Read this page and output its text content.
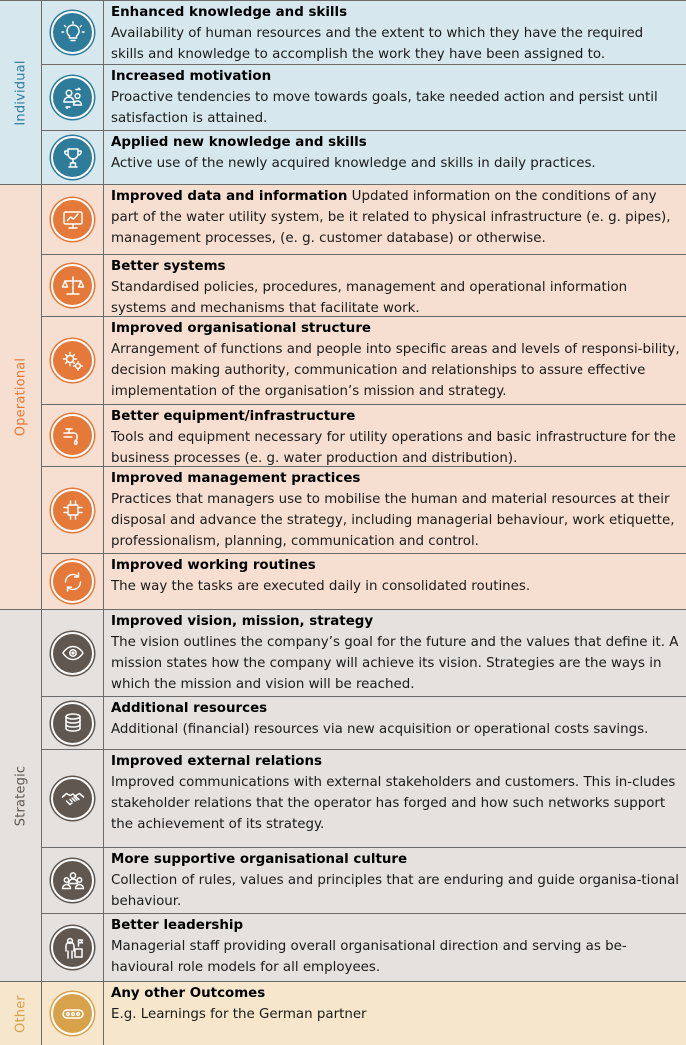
Individual
Enhanced knowledge and skills
Availability of human resources and the extent to which they have the required skills and knowledge to accomplish the work they have been assigned to.
Increased motivation
Proactive tendencies to move towards goals, take needed action and persist until satisfaction is attained.
Applied new knowledge and skills
Active use of the newly acquired knowledge and skills in daily practices.
Operational
Improved data and information Updated information on the conditions of any part of the water utility system, be it related to physical infrastructure (e. g. pipes), management processes, (e. g. customer database) or otherwise.
Better systems
Standardised policies, procedures, management and operational information systems and mechanisms that facilitate work.
Improved organisational structure
Arrangement of functions and people into specific areas and levels of responsi-bility, decision making authority, communication and relationships to assure effective implementation of the organisation’s mission and strategy.
Better equipment/infrastructure
Tools and equipment necessary for utility operations and basic infrastructure for the business processes (e. g. water production and distribution).
Improved management practices
Practices that managers use to mobilise the human and material resources at their disposal and advance the strategy, including managerial behaviour, work etiquette, professionalism, planning, communication and control.
Improved working routines
The way the tasks are executed daily in consolidated routines.
Strategic
Improved vision, mission, strategy
The vision outlines the company’s goal for the future and the values that define it. A mission states how the company will achieve its vision. Strategies are the ways in which the mission and vision will be reached.
Additional resources
Additional (financial) resources via new acquisition or operational costs savings.
Improved external relations
Improved communications with external stakeholders and customers. This in-cludes stakeholder relations that the operator has forged and how such networks support the achievement of its strategy.
More supportive organisational culture
Collection of rules, values and principles that are enduring and guide organisa-tional behaviour.
Better leadership
Managerial staff providing overall organisational direction and serving as be-havioural role models for all employees.
Other
Any other Outcomes
E.g. Learnings for the German partner
